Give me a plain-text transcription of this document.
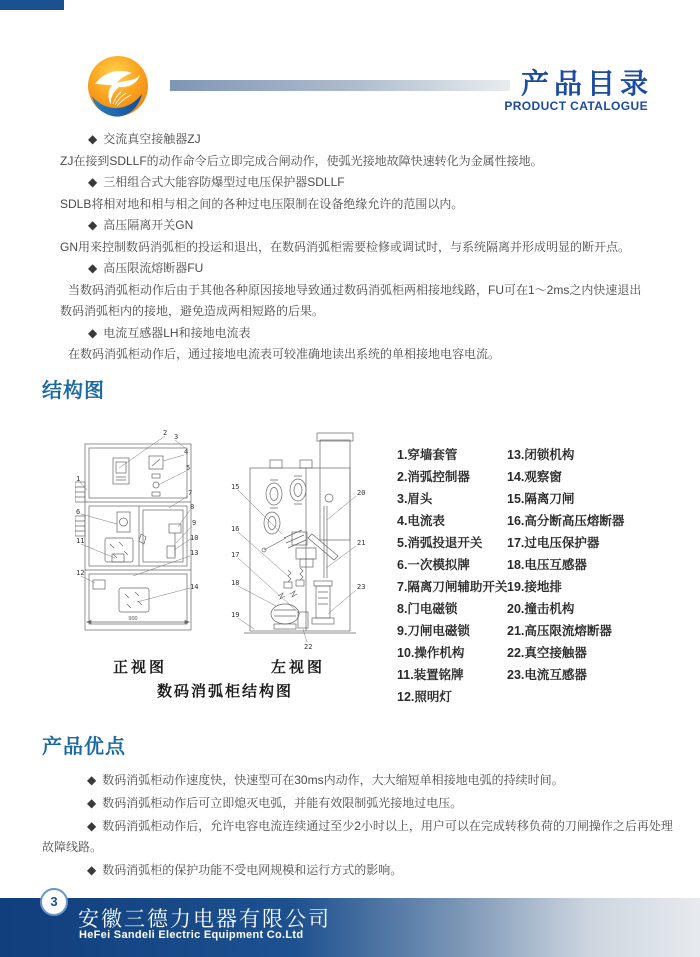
产品目录
PRODUCT CATALOGUE

◆ 交流真空接触器ZJ

ZJ在接到SDLLF的动作命令后立即完成合闸动作，使弧光接地故障快速转化为金属性接地。

◆ 三相组合式大能容防爆型过电压保护器SDLLF

SDLB将相对地和相与相之间的各种过电压限制在设备绝缘允许的范围以内。

◆ 高压隔离开关GN

GN用来控制数码消弧柜的投运和退出，在数码消弧柜需要检修或调试时，与系统隔离并形成明显的断开点。

◆ 高压限流熔断器FU

当数码消弧柜动作后由于其他各种原因接地导致通过数码消弧柜两相接地线路，FU可在1～2ms之内快速退出数码消弧柜内的接地，避免造成两相短路的后果。

◆ 电流互感器LH和接地电流表

在数码消弧柜动作后，通过接地电流表可较准确地读出系统的单相接地电容电流。

结构图
1
2 3
4
5
6
7
8
9
10
11
12
13
14
900
15
16
17
18
19
20
21
22
23
正视图	左视图
数码消弧柜结构图
1.穿墙套管	13.闭锁机构
2.消弧控制器	14.观察窗
3.眉头	15.隔离刀闸
4.电流表	16.高分断高压熔断器
5.消弧投退开关 17.过电压保护器
6.一次模拟牌	18.电压互感器
7.隔离刀闸辅助开关19.接地排
8.门电磁锁	20.撞击机构
9.刀闸电磁锁	21.高压限流熔断器
10.操作机构	22.真空接触器
11.装置铭牌	23.电流互感器
12.照明灯
产品优点

◆ 数码消弧柜动作速度快，快速型可在30ms内动作，大大缩短单相接地电弧的持续时间。

◆ 数码消弧柜动作后可立即熄灭电弧，并能有效限制弧光接地过电压。

◆ 数码消弧柜动作后，允许电容电流连续通过至少2小时以上，用户可以在完成转移负荷的刀闸操作之后再处理故障线路。

◆ 数码消弧柜的保护功能不受电网规模和运行方式的影响。

3
安徽三德力电器有限公司
HeFei Sandeli Electric Equipment Co.Ltd
